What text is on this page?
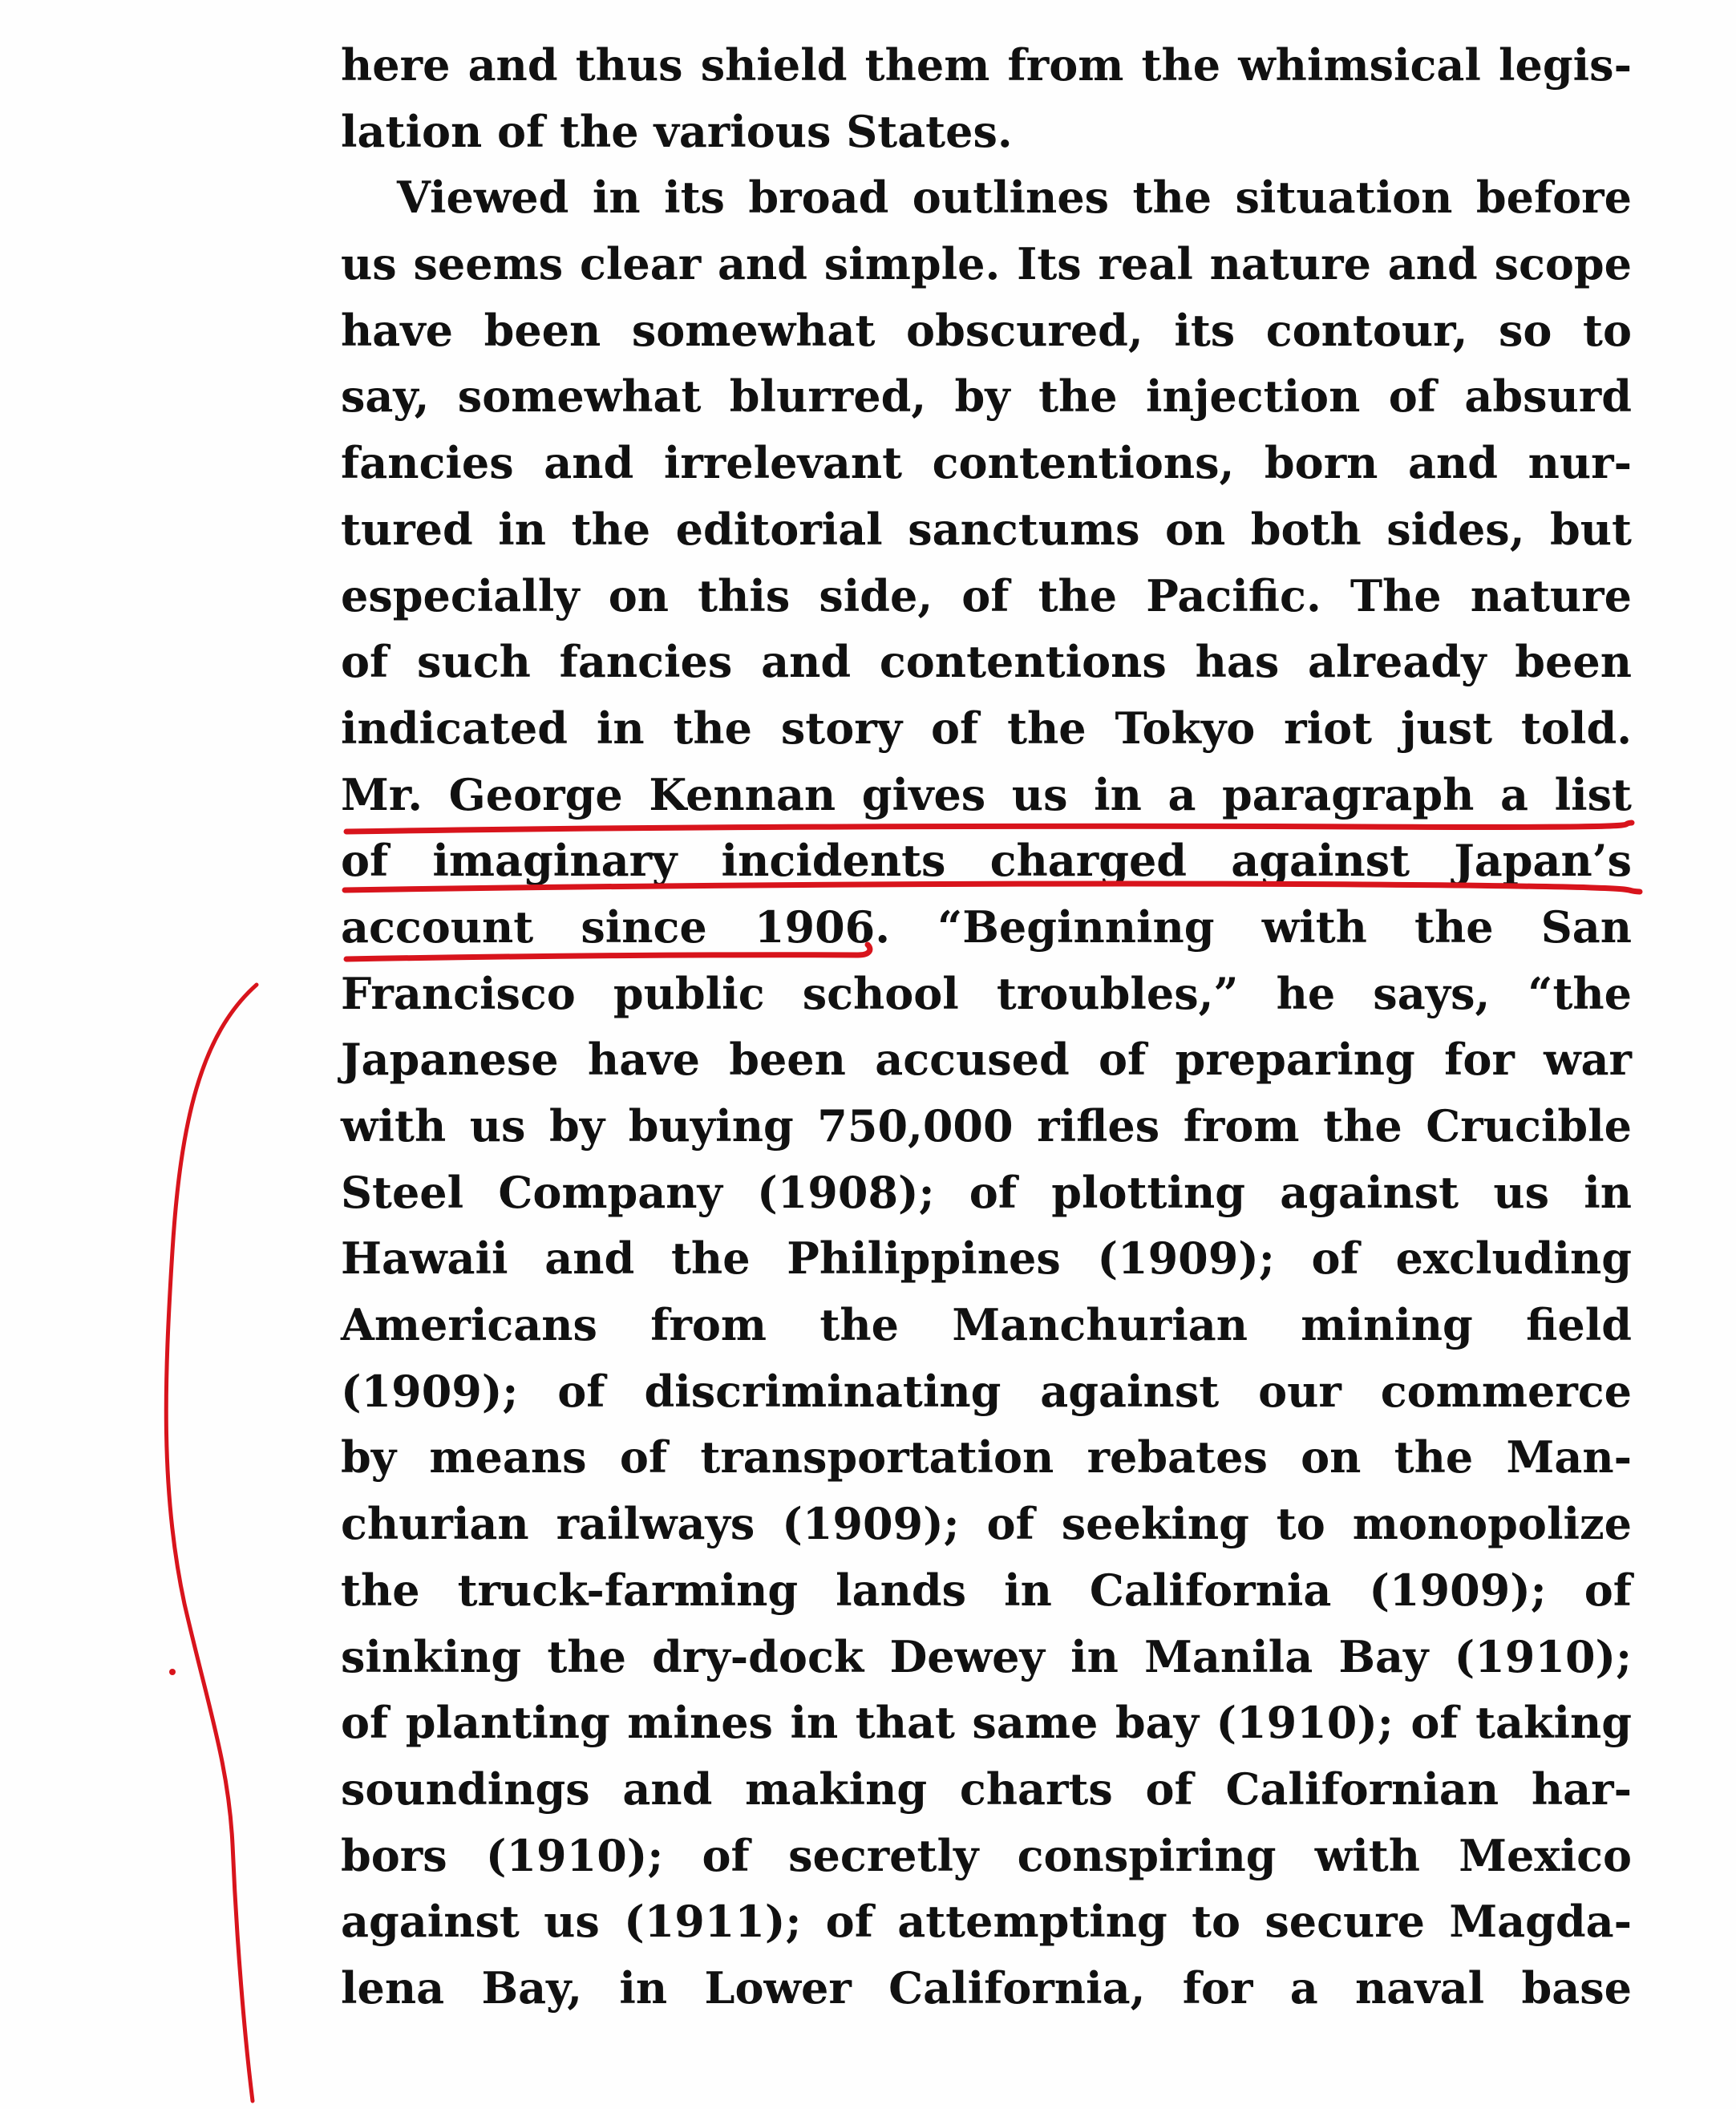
here and thus shield them from the whimsical legis-
lation of the various States.
Viewed in its broad outlines the situation before
us seems clear and simple. Its real nature and scope
have been somewhat obscured, its contour, so to
say, somewhat blurred, by the injection of absurd
fancies and irrelevant contentions, born and nur-
tured in the editorial sanctums on both sides, but
especially on this side, of the Pacific. The nature
of such fancies and contentions has already been
indicated in the story of the Tokyo riot just told.
Mr. George Kennan gives us in a paragraph a list
of imaginary incidents charged against Japan’s
account since 1906. “Beginning with the San
Francisco public school troubles,” he says, “the
Japanese have been accused of preparing for war
with us by buying 750,000 rifles from the Crucible
Steel Company (1908); of plotting against us in
Hawaii and the Philippines (1909); of excluding
Americans from the Manchurian mining field
(1909); of discriminating against our commerce
by means of transportation rebates on the Man-
churian railways (1909); of seeking to monopolize
the truck-farming lands in California (1909); of
sinking the dry-dock Dewey in Manila Bay (1910);
of planting mines in that same bay (1910); of taking
soundings and making charts of Californian har-
bors (1910); of secretly conspiring with Mexico
against us (1911); of attempting to secure Magda-
lena Bay, in Lower California, for a naval base
